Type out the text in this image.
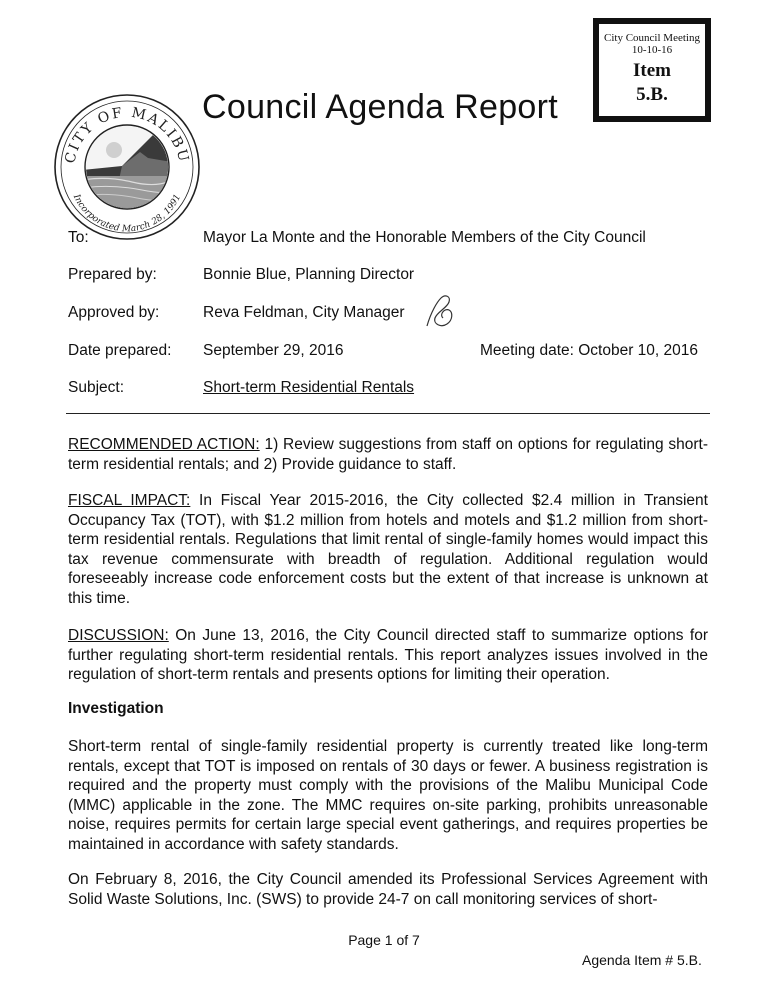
CITY OF MALIBU
Incorporated March 28, 1991
Council Agenda Report
City Council Meeting
10-10-16
Item
5.B.
To:	Mayor La Monte and the Honorable Members of the City Council
Prepared by:	Bonnie Blue, Planning Director
Approved by:	Reva Feldman, City Manager
Date prepared: September 29, 2016	Meeting date: October 10, 2016
Subject:	Short-term Residential Rentals
RECOMMENDED ACTION: 1) Review suggestions from staff on options for regulating short-term residential rentals; and 2) Provide guidance to staff.
FISCAL IMPACT: In Fiscal Year 2015-2016, the City collected $2.4 million in Transient Occupancy Tax (TOT), with $1.2 million from hotels and motels and $1.2 million from short-term residential rentals. Regulations that limit rental of single-family homes would impact this tax revenue commensurate with breadth of regulation. Additional regulation would foreseeably increase code enforcement costs but the extent of that increase is unknown at this time.
DISCUSSION: On June 13, 2016, the City Council directed staff to summarize options for further regulating short-term residential rentals. This report analyzes issues involved in the regulation of short-term rentals and presents options for limiting their operation.
Investigation
Short-term rental of single-family residential property is currently treated like long-term rentals, except that TOT is imposed on rentals of 30 days or fewer. A business registration is required and the property must comply with the provisions of the Malibu Municipal Code (MMC) applicable in the zone. The MMC requires on-site parking, prohibits unreasonable noise, requires permits for certain large special event gatherings, and requires properties be maintained in accordance with safety standards.
On February 8, 2016, the City Council amended its Professional Services Agreement with Solid Waste Solutions, Inc. (SWS) to provide 24-7 on call monitoring services of short-
Page 1 of 7
Agenda Item # 5.B.
